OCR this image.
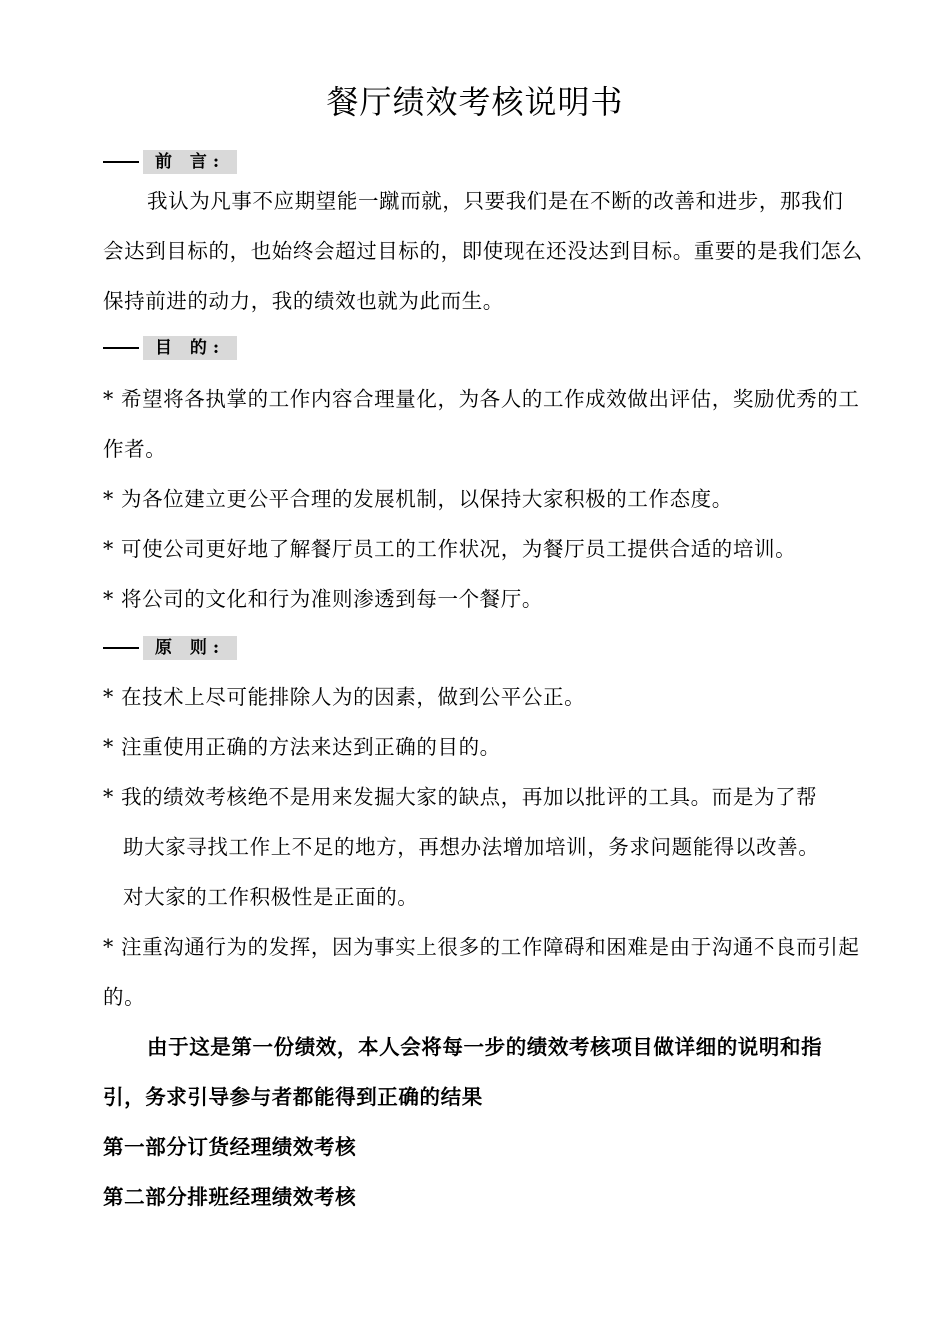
餐厅绩效考核说明书
前 言:

我认为凡事不应期望能一蹴而就，只要我们是在不断的改善和进步，那我们会达到目标的，也始终会超过目标的，即使现在还没达到目标。重要的是我们怎么保持前进的动力，我的绩效也就为此而生。

目 的:

* 希望将各执掌的工作内容合理量化，为各人的工作成效做出评估，奖励优秀的工作者。

* 为各位建立更公平合理的发展机制，以保持大家积极的工作态度。

* 可使公司更好地了解餐厅员工的工作状况，为餐厅员工提供合适的培训。

* 将公司的文化和行为准则渗透到每一个餐厅。

原 则:

* 在技术上尽可能排除人为的因素，做到公平公正。

* 注重使用正确的方法来达到正确的目的。

* 我的绩效考核绝不是用来发掘大家的缺点，再加以批评的工具。而是为了帮

助大家寻找工作上不足的地方，再想办法增加培训，务求问题能得以改善。

对大家的工作积极性是正面的。

* 注重沟通行为的发挥，因为事实上很多的工作障碍和困难是由于沟通不良而引起的。

由于这是第一份绩效，本人会将每一步的绩效考核项目做详细的说明和指引，务求引导参与者都能得到正确的结果

第一部分订货经理绩效考核

第二部分排班经理绩效考核
